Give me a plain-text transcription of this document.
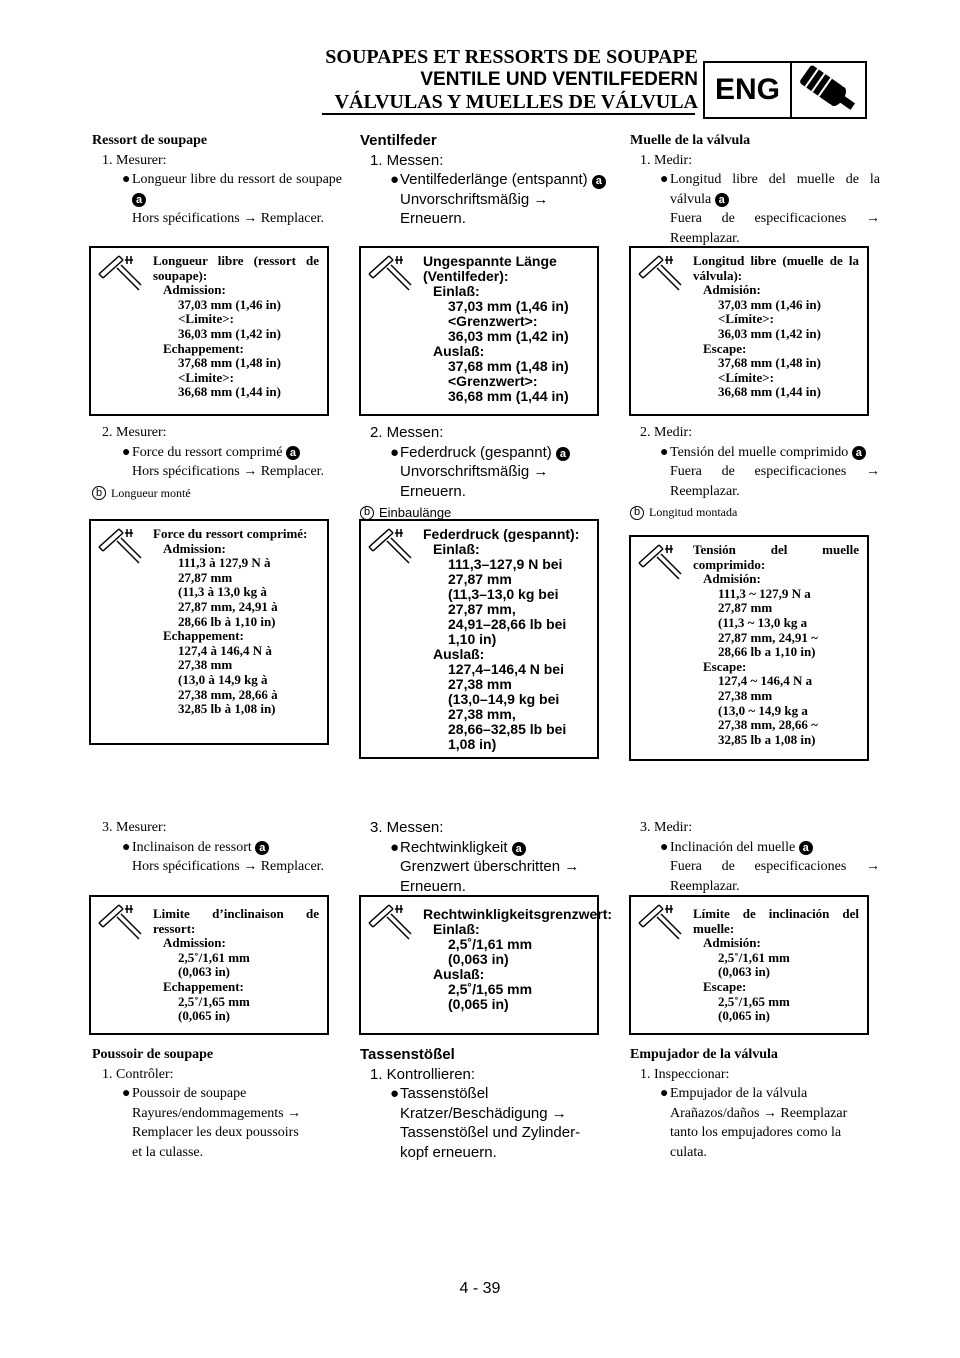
SOUPAPES ET RESSORTS DE SOUPAPE
VENTILE UND VENTILFEDERN
VÁLVULAS Y MUELLES DE VÁLVULA ENG
Ressort de soupape
1. Mesurer:
● Longueur libre du ressort de soupape a
Hors spécifications → Remplacer.
Longueur libre (ressort de soupape):
Admission:
37,03 mm (1,46 in)
<Limite>:
36,03 mm (1,42 in)
Echappement:
37,68 mm (1,48 in)
<Limite>:
36,68 mm (1,44 in)
2. Mesurer:
● Force du ressort comprimé a
Hors spécifications → Remplacer.
b Longueur monté
Force du ressort comprimé:
Admission:
111,3 à 127,9 N à
27,87 mm
(11,3 à 13,0 kg à
27,87 mm, 24,91 à
28,66 lb à 1,10 in)
Echappement:
127,4 à 146,4 N à
27,38 mm
(13,0 à 14,9 kg à
27,38 mm, 28,66 à
32,85 lb à 1,08 in)
3. Mesurer:
● Inclinaison de ressort a
Hors spécifications → Remplacer.
Limite d’inclinaison de ressort:
Admission:
2,5˚/1,61 mm
(0,063 in)
Echappement:
2,5˚/1,65 mm
(0,065 in)
Poussoir de soupape
1. Contrôler:
● Poussoir de soupape
Rayures/endommagements →
Remplacer les deux poussoirs
et la culasse.
Ventilfeder
1. Messen:
● Ventilfederlänge (entspannt) a
Unvorschriftsmäßig → Erneuern.
Ungespannte Länge (Ventilfeder):
Einlaß:
37,03 mm (1,46 in)
<Grenzwert>:
36,03 mm (1,42 in)
Auslaß:
37,68 mm (1,48 in)
<Grenzwert>:
36,68 mm (1,44 in)
2. Messen:
● Federdruck (gespannt) a
Unvorschriftsmäßig → Erneuern.
b Einbaulänge
Federdruck (gespannt):
Einlaß:
111,3–127,9 N bei
27,87 mm
(11,3–13,0 kg bei
27,87 mm,
24,91–28,66 lb bei
1,10 in)
Auslaß:
127,4–146,4 N bei
27,38 mm
(13,0–14,9 kg bei
27,38 mm,
28,66–32,85 lb bei
1,08 in)
3. Messen:
● Rechtwinkligkeit a
Grenzwert überschritten → Erneuern.
Rechtwinkligkeitsgrenzwert:
Einlaß:
2,5˚/1,61 mm
(0,063 in)
Auslaß:
2,5˚/1,65 mm
(0,065 in)
Tassenstößel
1. Kontrollieren:
● Tassenstößel
Kratzer/Beschädigung →
Tassenstößel und Zylinder-
kopf erneuern.
Muelle de la válvula
1. Medir:
● Longitud libre del muelle de la válvula a
Fuera de especificaciones → Reemplazar.
Longitud libre (muelle de la válvula):
Admisión:
37,03 mm (1,46 in)
<Límite>:
36,03 mm (1,42 in)
Escape:
37,68 mm (1,48 in)
<Límite>:
36,68 mm (1,44 in)
2. Medir:
● Tensión del muelle comprimido a
Fuera de especificaciones → Reemplazar.
b Longitud montada
Tensión del muelle comprimido:
Admisión:
111,3 ~ 127,9 N a
27,87 mm
(11,3 ~ 13,0 kg a
27,87 mm, 24,91 ~
28,66 lb a 1,10 in)
Escape:
127,4 ~ 146,4 N a
27,38 mm
(13,0 ~ 14,9 kg a
27,38 mm, 28,66 ~
32,85 lb a 1,08 in)
3. Medir:
● Inclinación del muelle a
Fuera de especificaciones → Reemplazar.
Límite de inclinación del muelle:
Admisión:
2,5˚/1,61 mm
(0,063 in)
Escape:
2,5˚/1,65 mm
(0,065 in)
Empujador de la válvula
1. Inspeccionar:
● Empujador de la válvula
Arañazos/daños → Reemplazar
tanto los empujadores como la
culata.
4 - 39
